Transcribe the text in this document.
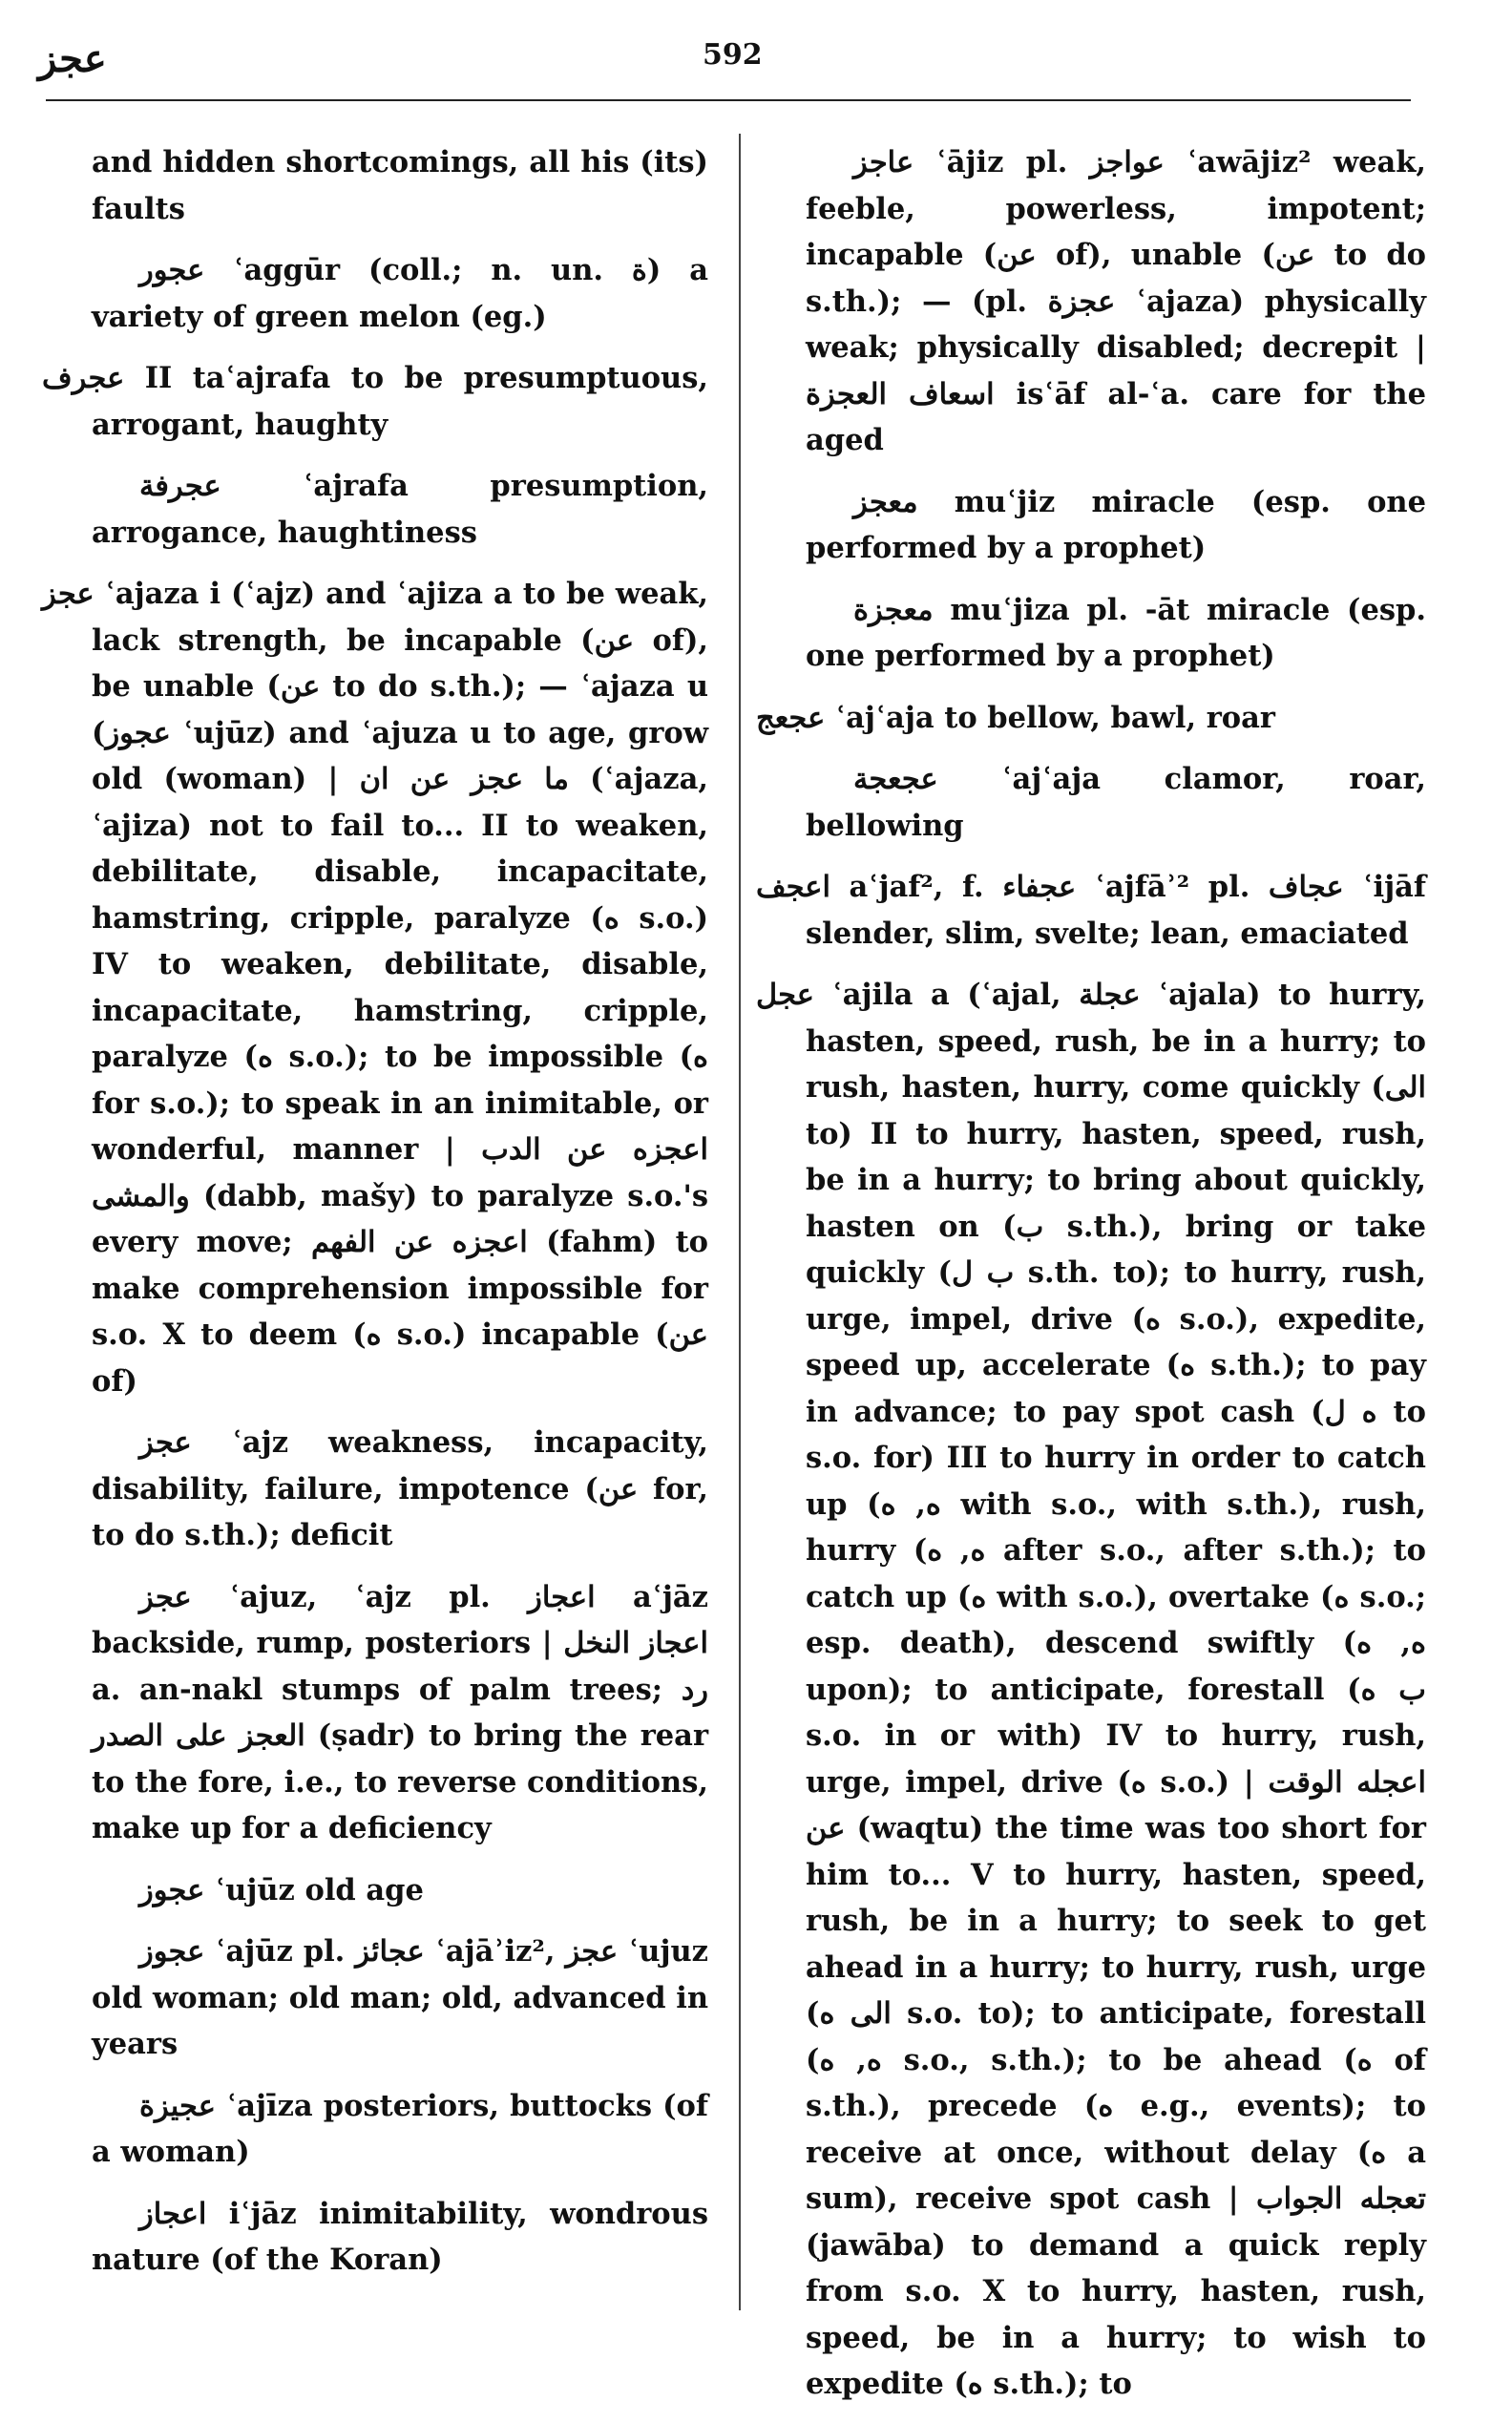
عجز	592

and hidden shortcomings, all his (its) faults

عجور ʿaggūr (coll.; n. un. ة) a variety of green melon (eg.)

عجرف II taʿajrafa to be presumptuous, arrogant, haughty

عجرفة ʿajrafa presumption, arrogance, haughtiness

عجز ʿajaza i (ʿajz) and ʿajiza a to be weak, lack strength, be incapable (عن of), be unable (عن to do s.th.); — ʿajaza u (عجوز ʿujūz) and ʿajuza u to age, grow old (woman) | ما عجز عن ان (ʿajaza, ʿajiza) not to fail to... II to weaken, debilitate, disable, incapacitate, hamstring, cripple, paralyze (ه s.o.) IV to weaken, debilitate, disable, incapacitate, hamstring, cripple, paralyze (ه s.o.); to be impossible (ه for s.o.); to speak in an inimitable, or wonderful, manner | اعجزه عن الدب والمشى (dabb, mašy) to paralyze s.o.'s every move; اعجزه عن الفهم (fahm) to make comprehension impossible for s.o. X to deem (ه s.o.) incapable (عن of)

عجز ʿajz weakness, incapacity, disability, failure, impotence (عن for, to do s.th.); deficit

عجز ʿajuz, ʿajz pl. اعجاز aʿjāz backside, rump, posteriors | اعجاز النخل a. an-nakl stumps of palm trees; رد العجز على الصدر (ṣadr) to bring the rear to the fore, i.e., to reverse conditions, make up for a deficiency

عجوز ʿujūz old age

عجوز ʿajūz pl. عجائز ʿajāʾiz², عجز ʿujuz old woman; old man; old, advanced in years

عجيزة ʿajīza posteriors, buttocks (of a woman)

اعجاز iʿjāz inimitability, wondrous nature (of the Koran)

عاجز ʿājiz pl. عواجز ʿawājiz² weak, feeble, powerless, impotent; incapable (عن of), unable (عن to do s.th.); — (pl. عجزة ʿajaza) physically weak; physically disabled; decrepit | اسعاف العجزة isʿāf al-ʿa. care for the aged

معجز muʿjiz miracle (esp. one performed by a prophet)

معجزة muʿjiza pl. -āt miracle (esp. one performed by a prophet)

عجعج ʿajʿaja to bellow, bawl, roar

عجعجة ʿajʿaja clamor, roar, bellowing

اعجف aʿjaf², f. عجفاء ʿajfāʾ² pl. عجاف ʿijāf slender, slim, svelte; lean, emaciated

عجل ʿajila a (ʿajal, عجلة ʿajala) to hurry, hasten, speed, rush, be in a hurry; to rush, hasten, hurry, come quickly (الى to) II to hurry, hasten, speed, rush, be in a hurry; to bring about quickly, hasten on (ب s.th.), bring or take quickly (ب ل s.th. to); to hurry, rush, urge, impel, drive (ه s.o.), expedite, speed up, accelerate (ه s.th.); to pay in advance; to pay spot cash (ه ل to s.o. for) III to hurry in order to catch up (ه, ه with s.o., with s.th.), rush, hurry (ه, ه after s.o., after s.th.); to catch up (ه with s.o.), overtake (ه s.o.; esp. death), descend swiftly (ه, ه upon); to anticipate, forestall (ب ه s.o. in or with) IV to hurry, rush, urge, impel, drive (ه s.o.) | اعجله الوقت عن (waqtu) the time was too short for him to... V to hurry, hasten, speed, rush, be in a hurry; to seek to get ahead in a hurry; to hurry, rush, urge (الى ه s.o. to); to anticipate, forestall (ه, ه s.o., s.th.); to be ahead (ه of s.th.), precede (ه e.g., events); to receive at once, without delay (ه a sum), receive spot cash | تعجله الجواب (jawāba) to demand a quick reply from s.o. X to hurry, hasten, rush, speed, be in a hurry; to wish to expedite (ه s.th.); to
